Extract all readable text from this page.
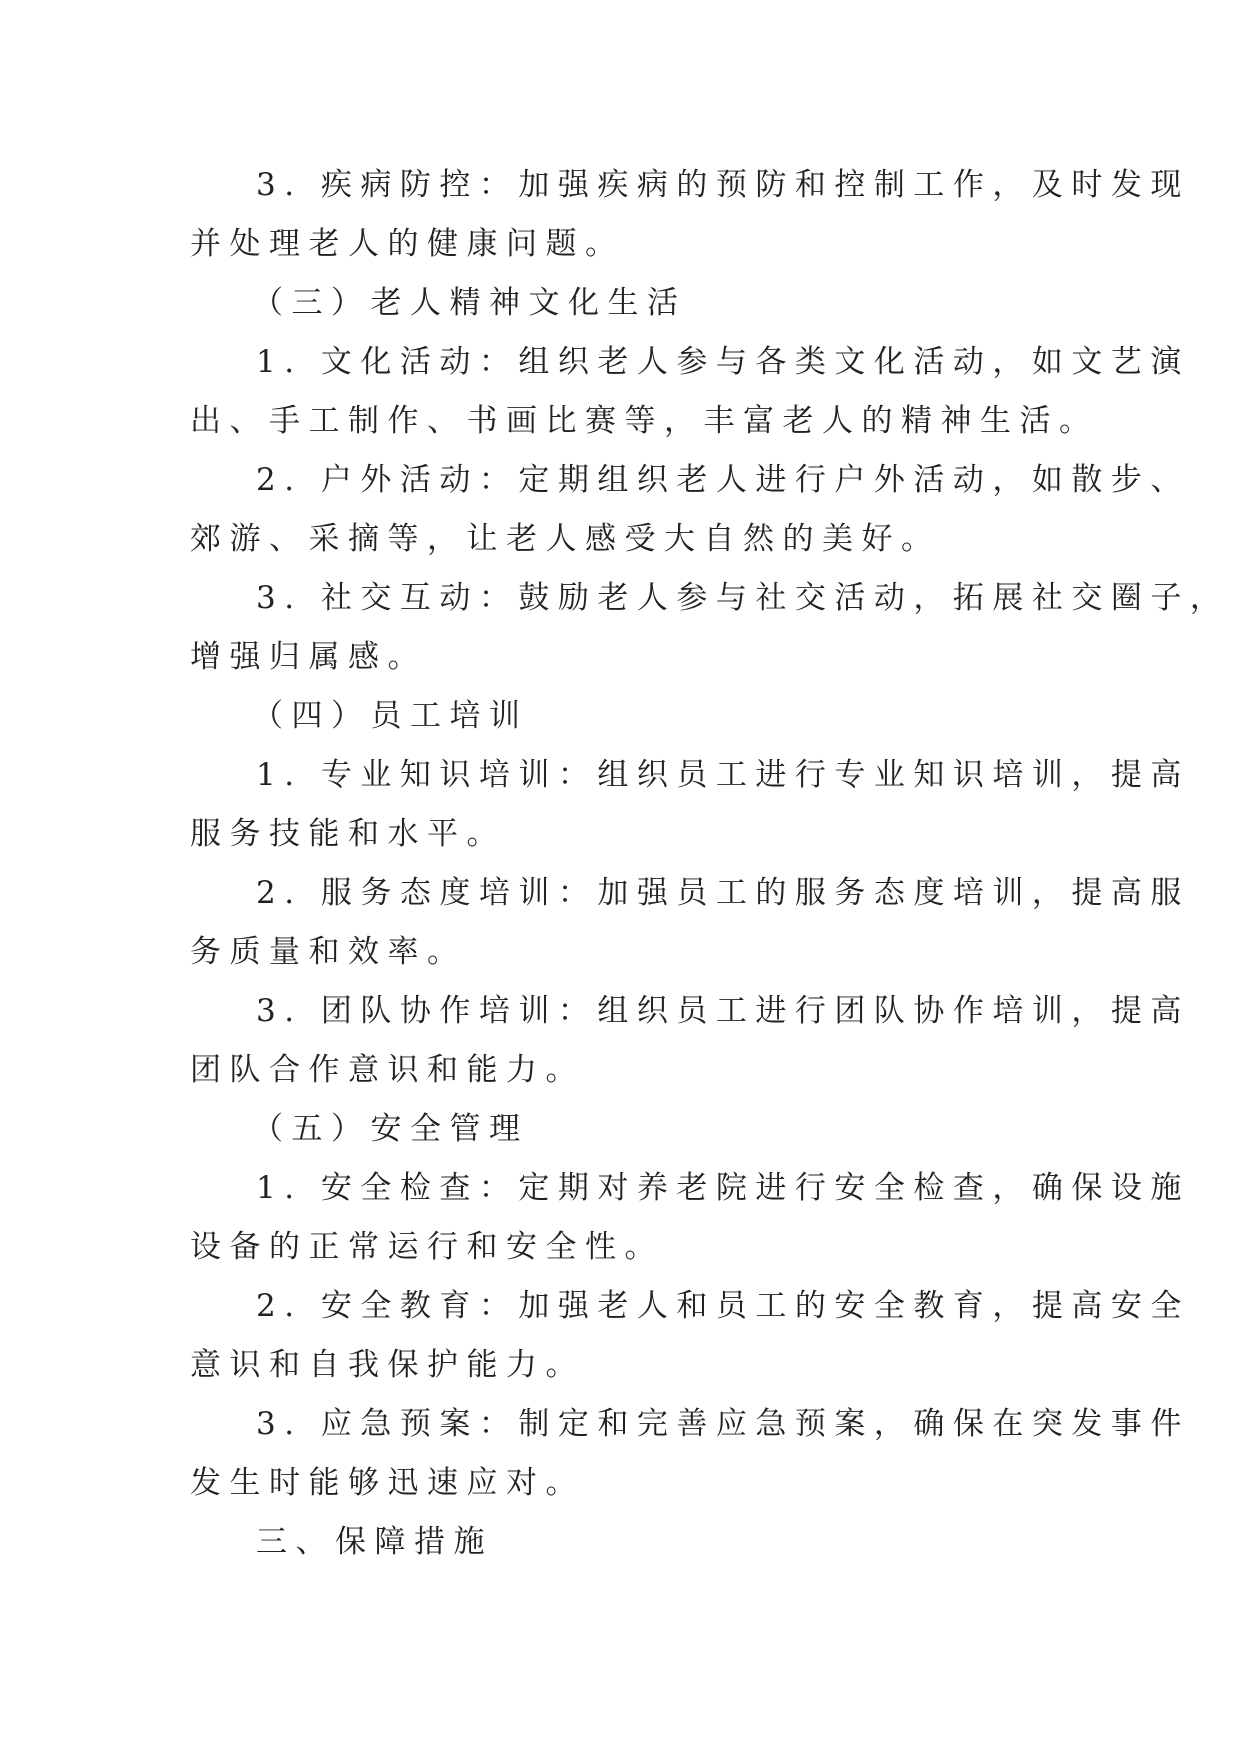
3. 疾病防控：加强疾病的预防和控制工作，及时发现
并处理老人的健康问题。
（三）老人精神文化生活
1. 文化活动：组织老人参与各类文化活动，如文艺演
出、手工制作、书画比赛等，丰富老人的精神生活。
2. 户外活动：定期组织老人进行户外活动，如散步、
郊游、采摘等，让老人感受大自然的美好。
3. 社交互动：鼓励老人参与社交活动，拓展社交圈子，
增强归属感。
（四）员工培训
1. 专业知识培训：组织员工进行专业知识培训，提高
服务技能和水平。
2. 服务态度培训：加强员工的服务态度培训，提高服
务质量和效率。
3. 团队协作培训：组织员工进行团队协作培训，提高
团队合作意识和能力。
（五）安全管理
1. 安全检查：定期对养老院进行安全检查，确保设施
设备的正常运行和安全性。
2. 安全教育：加强老人和员工的安全教育，提高安全
意识和自我保护能力。
3. 应急预案：制定和完善应急预案，确保在突发事件
发生时能够迅速应对。
三、保障措施
